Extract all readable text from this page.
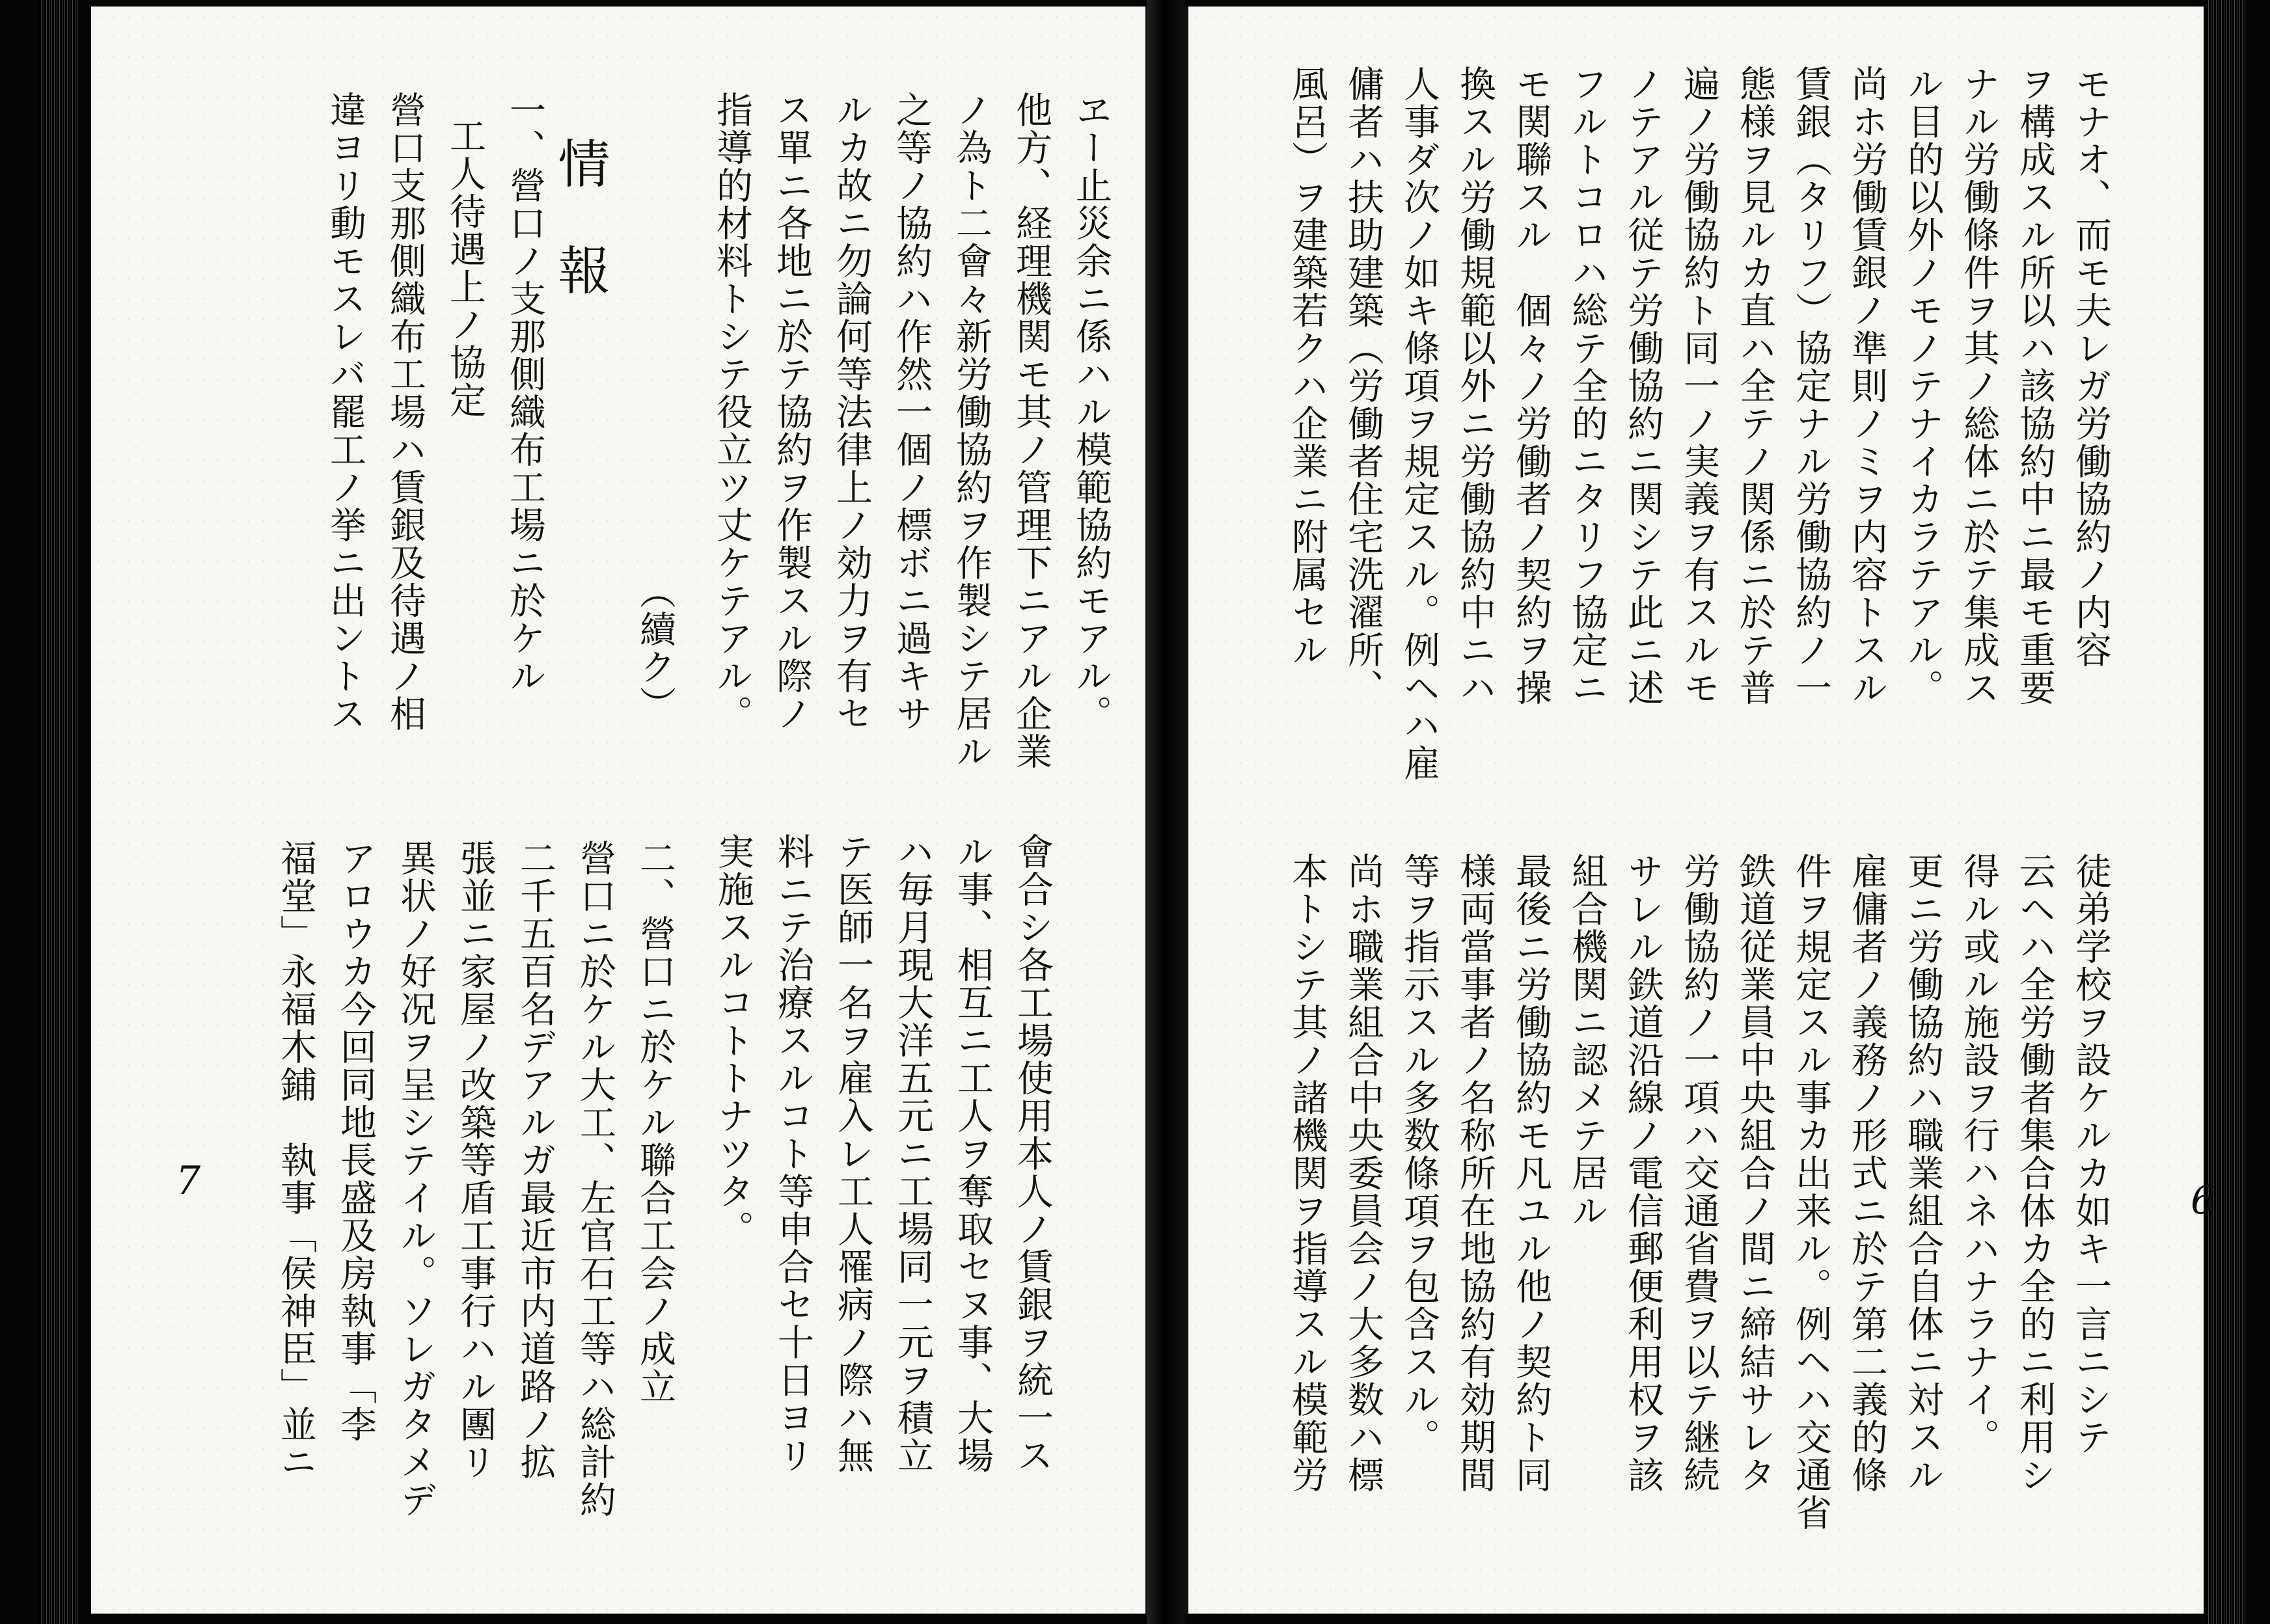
ヱー止災余ニ係ハル模範協約モアル。
他方、経理機関モ其ノ管理下ニアル企業
ノ為ト二會々新労働協約ヲ作製シテ居ル
之等ノ協約ハ作然一個ノ標ボニ過キサ
ルカ故ニ勿論何等法律上ノ効力ヲ有セ
ス單ニ各地ニ於テ協約ヲ作製スル際ノ
指導的材料トシテ役立ツ丈ケテアル。
（續ク）
情　報
一、營口ノ支那側織布工場ニ於ケル
工人待遇上ノ協定
營口支那側織布工場ハ賃銀及待遇ノ相
違ヨリ動モスレバ罷工ノ挙ニ出ントス
會合シ各工場使用本人ノ賃銀ヲ統一ス
ル事、相互ニ工人ヲ奪取セヌ事、大場
ハ毎月現大洋五元ニ工場同一元ヲ積立
テ医師一名ヲ雇入レ工人罹病ノ際ハ無
料ニテ治療スルコト等申合セ十日ヨリ
実施スルコトトナツタ。
二、營口ニ於ケル聯合工会ノ成立
營口ニ於ケル大工、左官石工等ハ総計約
二千五百名デアルガ最近市内道路ノ拡
張並ニ家屋ノ改築等盾工事行ハル團リ
異状ノ好况ヲ呈シテイル。ソレガタメデ
アロウカ今回同地長盛及房執事「李
福堂」永福木鋪　執事「侯神臣」並ニ
7
モナオ、而モ夫レガ労働協約ノ内容
ヲ構成スル所以ハ該協約中ニ最モ重要
ナル労働條件ヲ其ノ総体ニ於テ集成ス
ル目的以外ノモノテナイカラテアル。
尚ホ労働賃銀ノ準則ノミヲ内容トスル
賃銀（タリフ）協定ナル労働協約ノ一
態様ヲ見ルカ直ハ全テノ関係ニ於テ普
遍ノ労働協約ト同一ノ実義ヲ有スルモ
ノテアル従テ労働協約ニ関シテ此ニ述
フルトコロハ総テ全的ニタリフ協定ニ
モ関聯スル　個々ノ労働者ノ契約ヲ操
換スル労働規範以外ニ労働協約中ニハ
人事ダ次ノ如キ條項ヲ規定スル。例ヘハ雇
傭者ハ扶助建築（労働者住宅洗濯所、
風呂）ヲ建築若クハ企業ニ附属セル
徒弟学校ヲ設ケルカ如キ一言ニシテ
云ヘハ全労働者集合体カ全的ニ利用シ
得ル或ル施設ヲ行ハネハナラナイ。
更ニ労働協約ハ職業組合自体ニ対スル
雇傭者ノ義務ノ形式ニ於テ第二義的條
件ヲ規定スル事カ出来ル。例ヘハ交通省
鉄道従業員中央組合ノ間ニ締結サレタ
労働協約ノ一項ハ交通省費ヲ以テ継続
サレル鉄道沿線ノ電信郵便利用权ヲ該
組合機関ニ認メテ居ル
最後ニ労働協約モ凡ユル他ノ契約ト同
様両當事者ノ名称所在地協約有効期間
等ヲ指示スル多数條項ヲ包含スル。
尚ホ職業組合中央委員会ノ大多数ハ標
本トシテ其ノ諸機関ヲ指導スル模範労	6
